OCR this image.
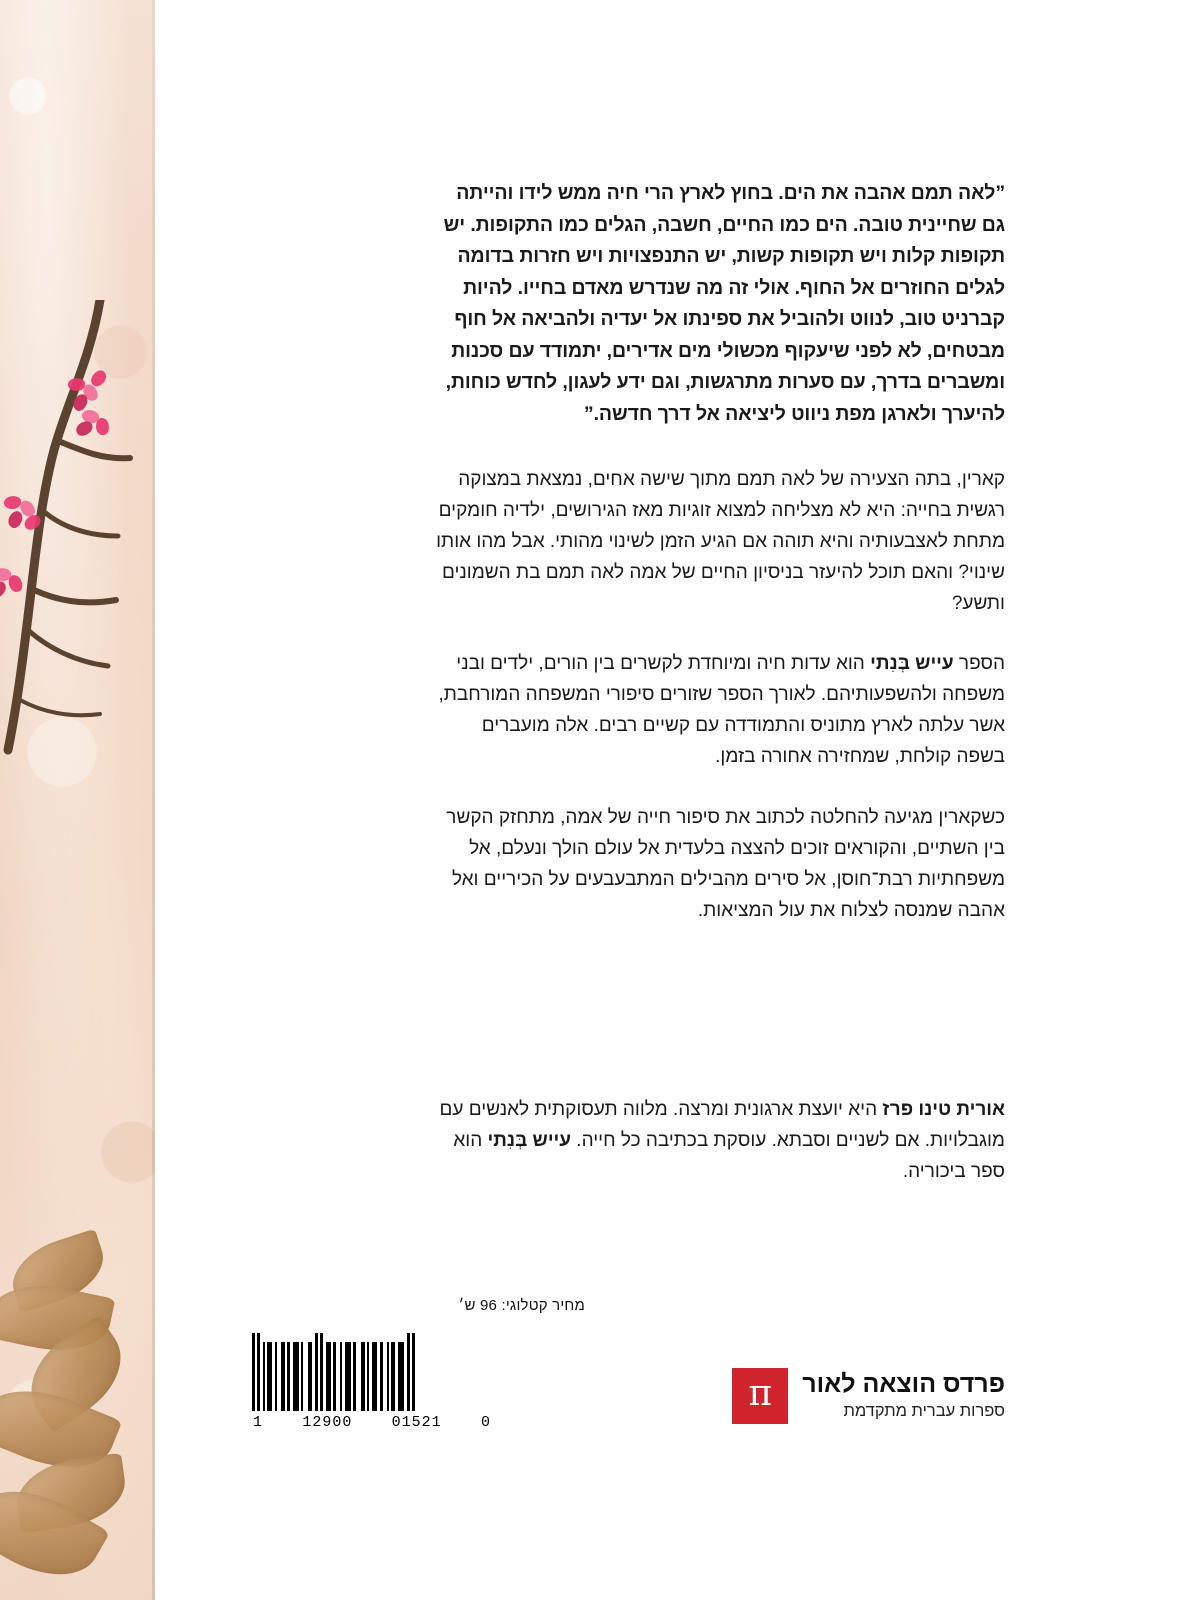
”לאה תמם אהבה את הים. בחוץ לארץ הרי חיה ממש לידו והייתה גם שחיינית טובה. הים כמו החיים, חשבה, הגלים כמו התקופות. יש תקופות קלות ויש תקופות קשות, יש התנפצויות ויש חזרות בדומה לגלים החוזרים אל החוף. אולי זה מה שנדרש מאדם בחייו. להיות קברניט טוב, לנווט ולהוביל את ספינתו אל יעדיה ולהביאה אל חוף מבטחים, לא לפני שיעקוף מכשולי מים אדירים, יתמודד עם סכנות ומשברים בדרך, עם סערות מתרגשות, וגם ידע לעגון, לחדש כוחות, להיערך ולארגן מפת ניווט ליציאה אל דרך חדשה.”

קארין, בתה הצעירה של לאה תמם מתוך שישה אחים, נמצאת במצוקה רגשית בחייה: היא לא מצליחה למצוא זוגיות מאז הגירושים, ילדיה חומקים מתחת לאצבעותיה והיא תוהה אם הגיע הזמן לשינוי מהותי. אבל מהו אותו שינוי? והאם תוכל להיעזר בניסיון החיים של אמה לאה תמם בת השמונים ותשע?

הספר עייש בְּנִתי הוא עדות חיה ומיוחדת לקשרים בין הורים, ילדים ובני משפחה ולהשפעותיהם. לאורך הספר שזורים סיפורי המשפחה המורחבת, אשר עלתה לארץ מתוניס והתמודדה עם קשיים רבים. אלה מועברים בשפה קולחת, שמחזירה אחורה בזמן.

כשקארין מגיעה להחלטה לכתוב את סיפור חייה של אמה, מתחזק הקשר בין השתיים, והקוראים זוכים להצצה בלעדית אל עולם הולך ונעלם, אל משפחתיות רבת־חוסן, אל סירים מהבילים המתבעבעים על הכיריים ואל אהבה שמנסה לצלוח את עול המציאות.

אורית טינו פרז היא יועצת ארגונית ומרצה. מלווה תעסוקתית לאנשים עם מוגבלויות. אם לשניים וסבתא. עוסקת בכתיבה כל חייה. עייש בְּנִתי הוא ספר ביכוריה.
מחיר קטלוגי: 96 ש׳
1	12900	01521	0
פרדס הוצאה לאור
ספרות עברית מתקדמת
π
